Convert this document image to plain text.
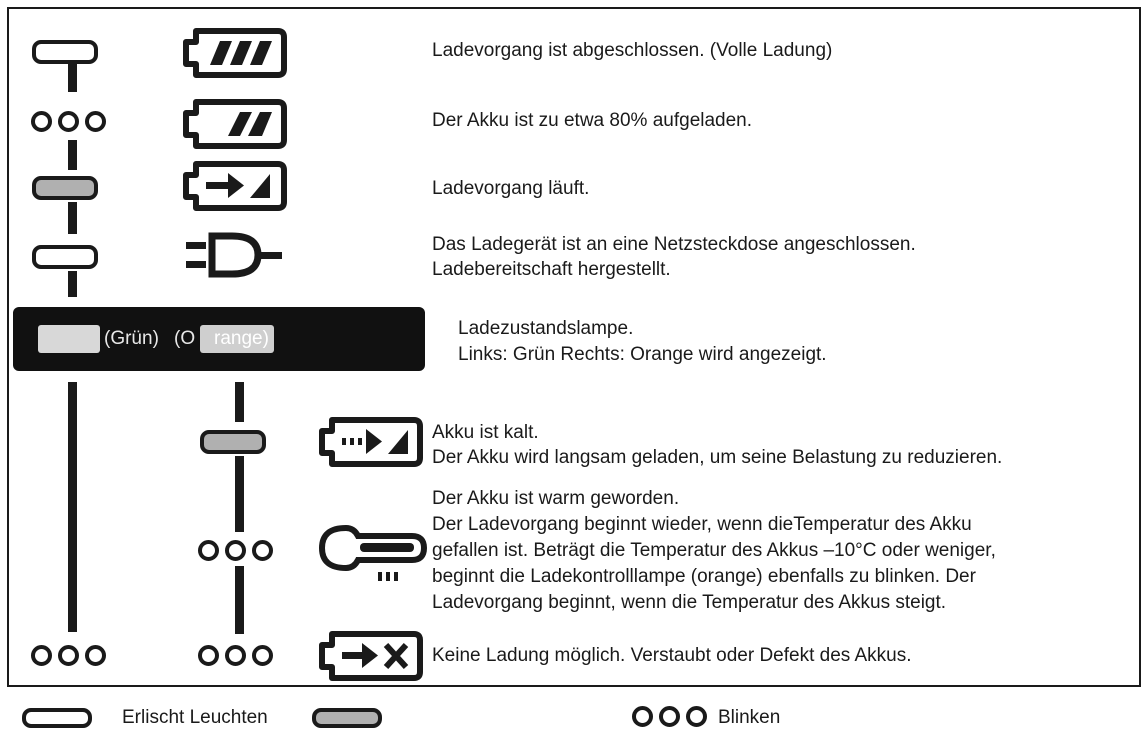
Ladevorgang ist abgeschlossen. (Volle Ladung)
Der Akku ist zu etwa 80% aufgeladen.
Ladevorgang läuft.
Das Ladegerät ist an eine Netzsteckdose angeschlossen.
Ladebereitschaft hergestellt.
(Grün) (O range)	Ladezustandslampe.
Links: Grün Rechts: Orange wird angezeigt.
Akku ist kalt.
Der Akku wird langsam geladen, um seine Belastung zu reduzieren.
Der Akku ist warm geworden.
Der Ladevorgang beginnt wieder, wenn dieTemperatur des Akku
gefallen ist. Beträgt die Temperatur des Akkus –10°C oder weniger,
beginnt die Ladekontrolllampe (orange) ebenfalls zu blinken. Der
Ladevorgang beginnt, wenn die Temperatur des Akkus steigt.
Keine Ladung möglich. Verstaubt oder Defekt des Akkus.
Erlischt Leuchten	Blinken
